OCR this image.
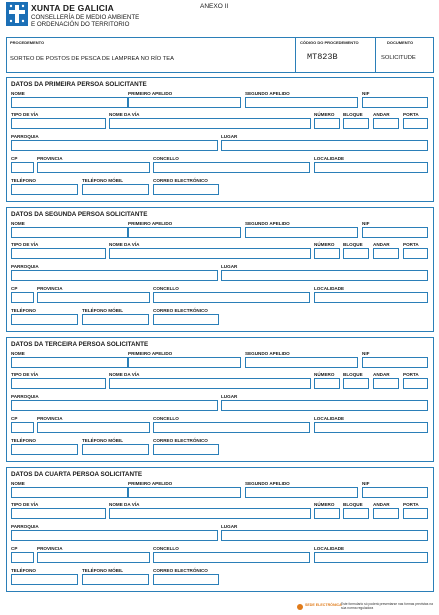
XUNTA DE GALICIA
CONSELLERÍA DE MEDIO AMBIENTE
E ORDENACIÓN DO TERRITORIO
ANEXO II
PROCEDEMENTO
SORTEO DE POSTOS DE PESCA DE LAMPREA NO RÍO TEA
CÓDIGO DO PROCEDEMENTO
MT823B
DOCUMENTO
SOLICITUDE
DATOS DA PRIMEIRA PERSOA SOLICITANTE
NOME	PRIMEIRO APELIDO	SEGUNDO APELIDO	NIF
TIPO DE VÍA	NOME DA VÍA	NÚMERO BLOQUE ANDAR	PORTA
PARROQUIA	LUGAR
CP	PROVINCIA	CONCELLO	LOCALIDADE
TELÉFONO	TELÉFONO MÓBIL	CORREO ELECTRÓNICO
DATOS DA SEGUNDA PERSOA SOLICITANTE
NOME	PRIMEIRO APELIDO	SEGUNDO APELIDO	NIF
TIPO DE VÍA	NOME DA VÍA	NÚMERO BLOQUE ANDAR	PORTA
PARROQUIA	LUGAR
CP	PROVINCIA	CONCELLO	LOCALIDADE
TELÉFONO	TELÉFONO MÓBIL	CORREO ELECTRÓNICO
DATOS DA TERCEIRA PERSOA SOLICITANTE
NOME	PRIMEIRO APELIDO	SEGUNDO APELIDO	NIF
TIPO DE VÍA	NOME DA VÍA	NÚMERO BLOQUE ANDAR	PORTA
PARROQUIA	LUGAR
CP	PROVINCIA	CONCELLO	LOCALIDADE
TELÉFONO	TELÉFONO MÓBIL	CORREO ELECTRÓNICO
DATOS DA CUARTA PERSOA SOLICITANTE
NOME	PRIMEIRO APELIDO	SEGUNDO APELIDO	NIF
TIPO DE VÍA	NOME DA VÍA	NÚMERO BLOQUE ANDAR	PORTA
PARROQUIA	LUGAR
CP	PROVINCIA	CONCELLO	LOCALIDADE
TELÉFONO	TELÉFONO MÓBIL	CORREO ELECTRÓNICO
SEDE ELECTRÓNICA Este formulario só poderá presentarse nas formas previstas na súa norma reguladora
